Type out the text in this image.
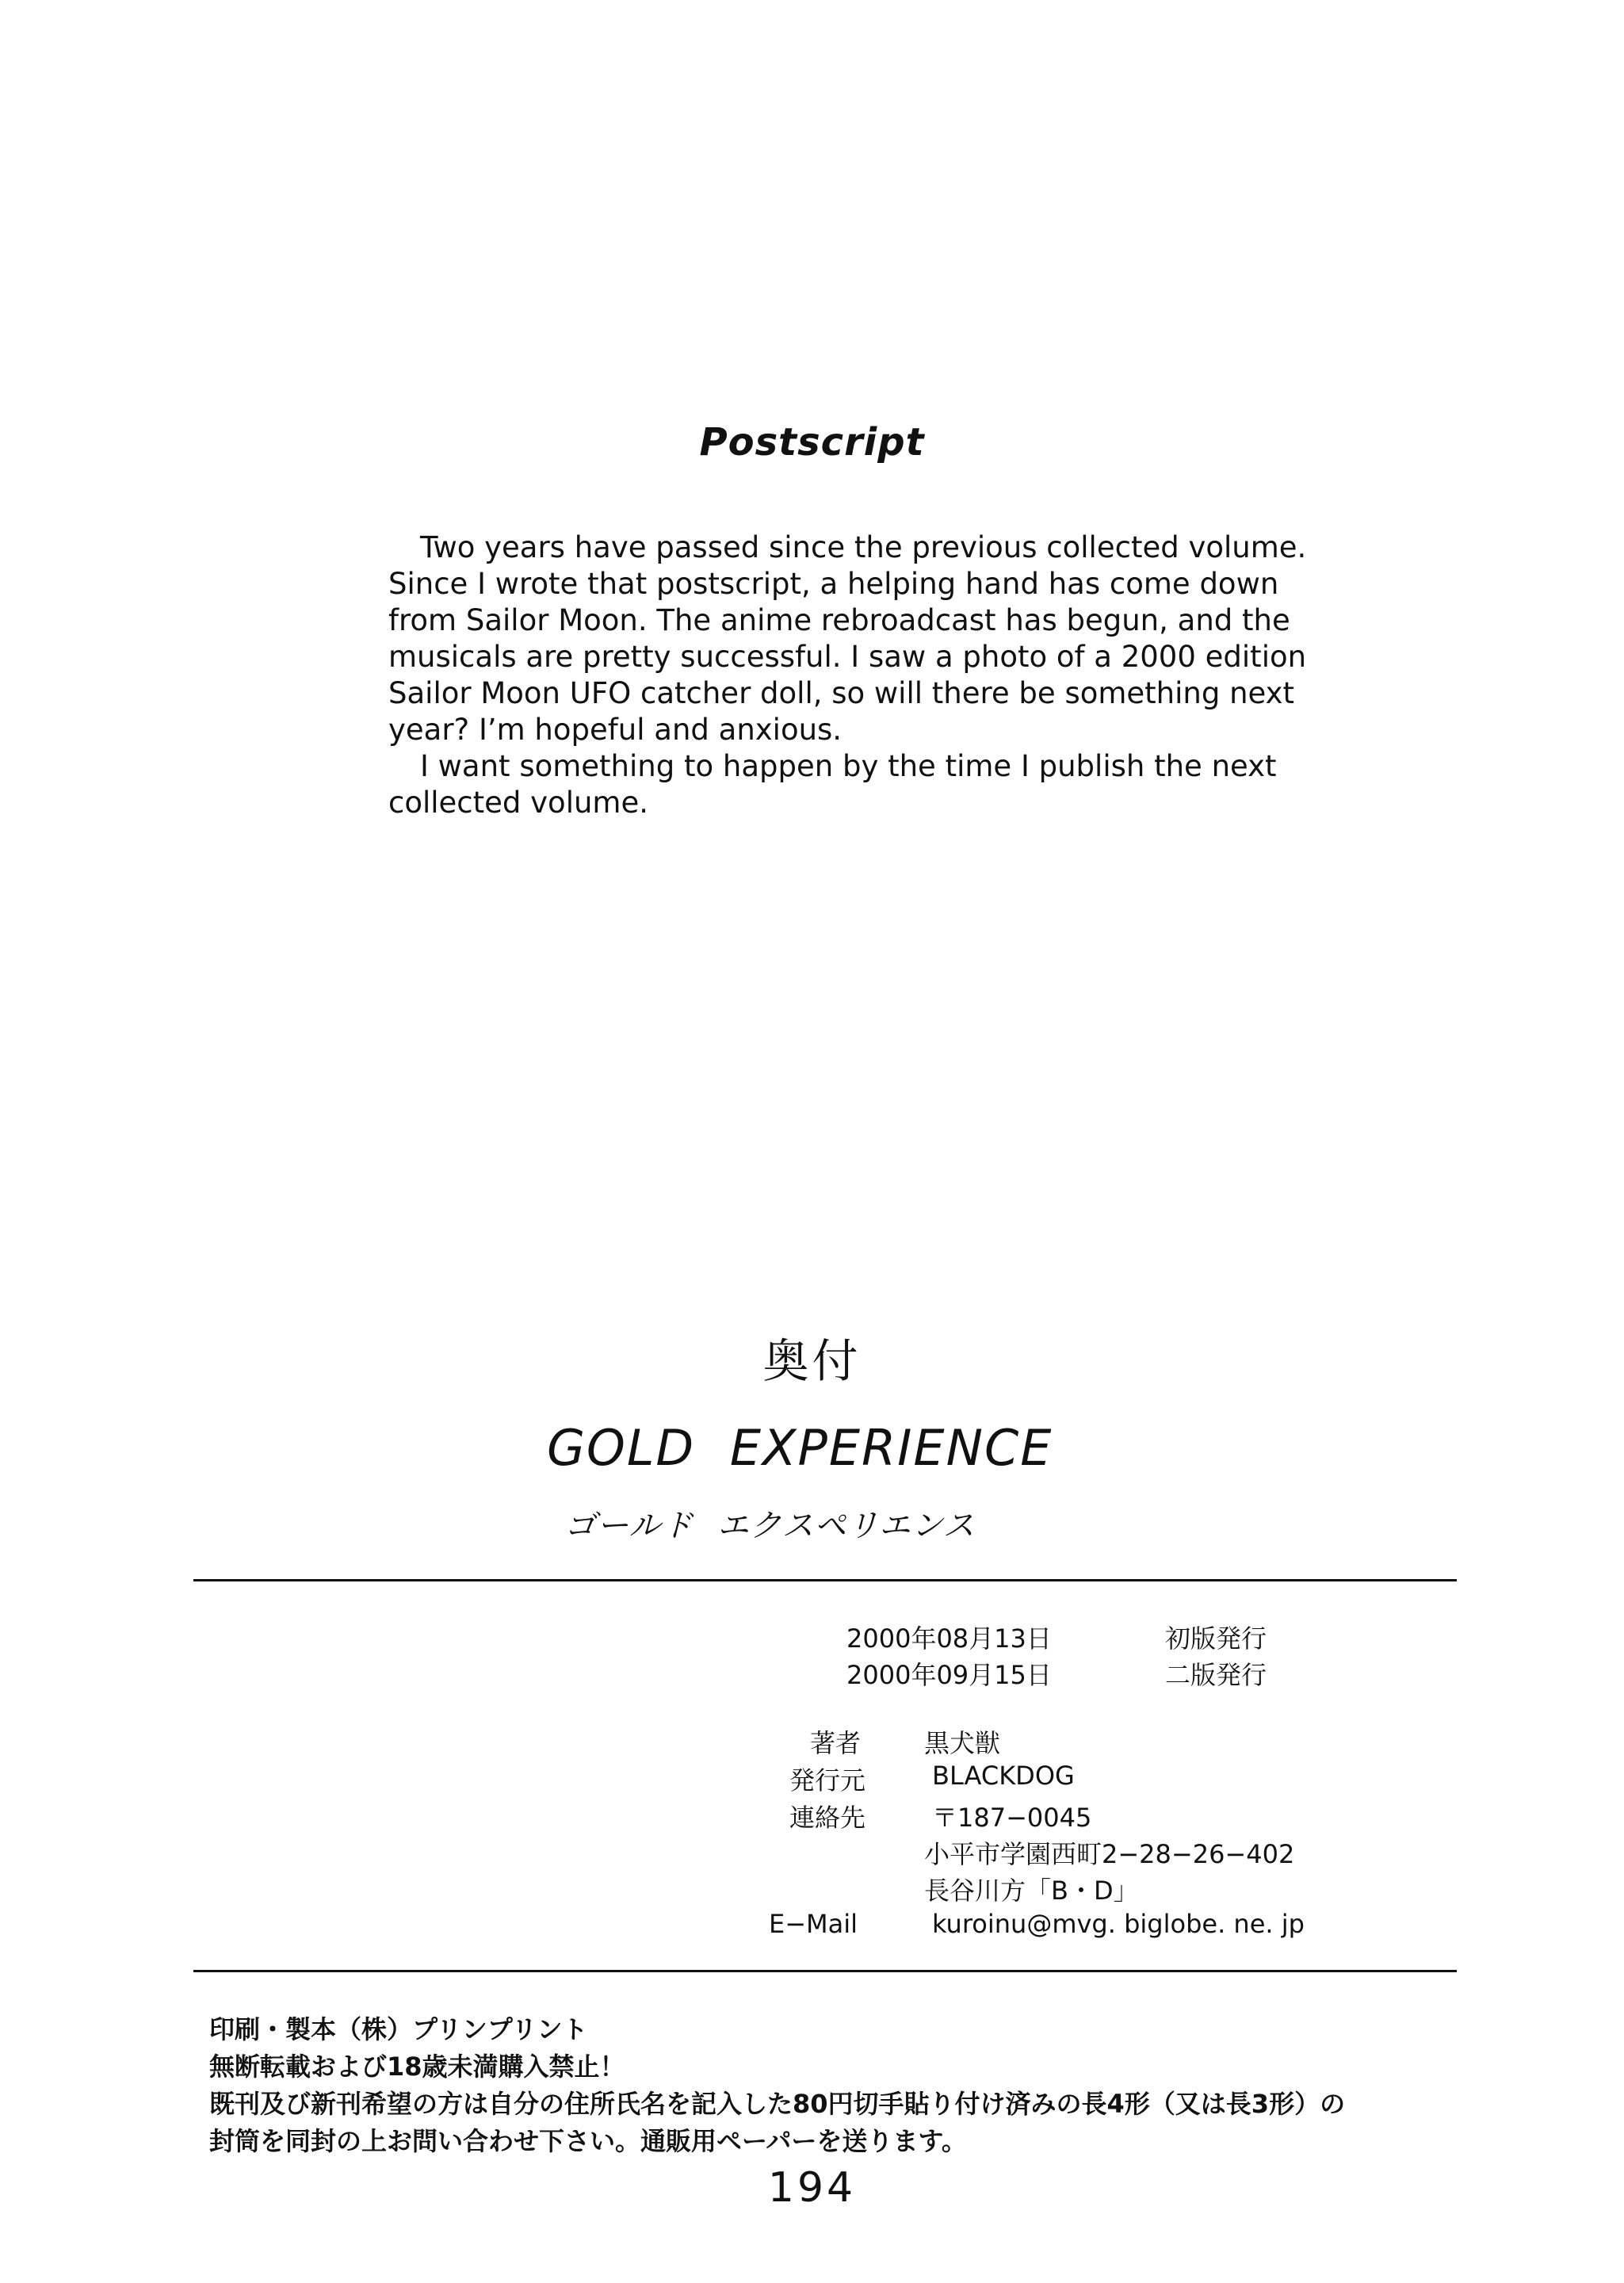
Postscript
Two years have passed since the previous collected volume.
Since I wrote that postscript, a helping hand has come down
from Sailor Moon. The anime rebroadcast has begun, and the
musicals are pretty successful. I saw a photo of a 2000 edition
Sailor Moon UFO catcher doll, so will there be something next
year? I’m hopeful and anxious.
I want something to happen by the time I publish the next
collected volume.
奥付
GOLD EXPERIENCE
ゴールド エクスペリエンス
2000年08月13日	初版発行
2000年09月15日	二版発行
著者 黒犬獣
発行元	BLACKDOG
連絡先	〒187−0045
小平市学園西町2−28−26−402
長谷川方「B・D」
E−Mail	kuroinu@mvg. biglobe. ne. jp
印刷・製本（株）プリンプリント
無断転載および18歳未満購入禁止！
既刊及び新刊希望の方は自分の住所氏名を記入した80円切手貼り付け済みの長4形（又は長3形）の
封筒を同封の上お問い合わせ下さい。通販用ペーパーを送ります。
194
